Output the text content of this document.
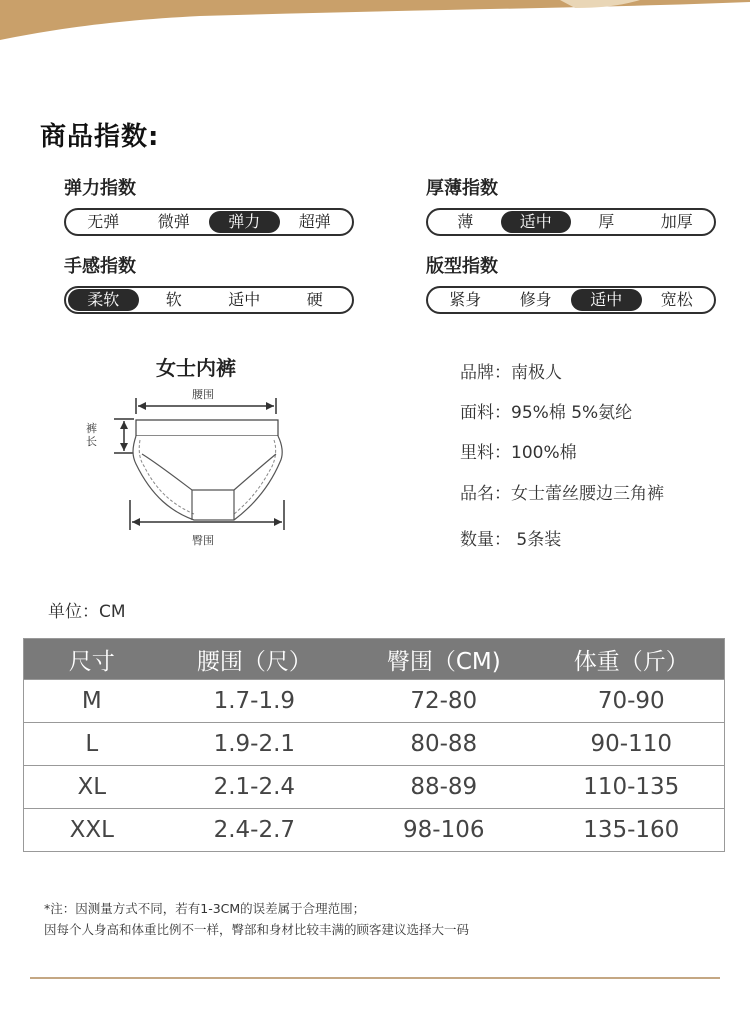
商品指数:
弹力指数
无弹	微弹	弹力	超弹
厚薄指数
薄	适中	厚	加厚
手感指数
柔软	软	适中	硬
版型指数
紧身	修身	适中	宽松
女士内裤
腰围
裤长
臀围
品牌：南极人
面料：95%棉 5%氨纶
里料：100%棉
品名：女士蕾丝腰边三角裤
数量： 5条装
单位：CM
尺寸	腰围（尺）	臀围（CM)	体重（斤）
M	1.7-1.9	72-80	70-90
L	1.9-2.1	80-88	90-110
XL	2.1-2.4	88-89	110-135
XXL	2.4-2.7	98-106	135-160
*注：因测量方式不同，若有1-3CM的误差属于合理范围；
因每个人身高和体重比例不一样，臀部和身材比较丰满的顾客建议选择大一码
